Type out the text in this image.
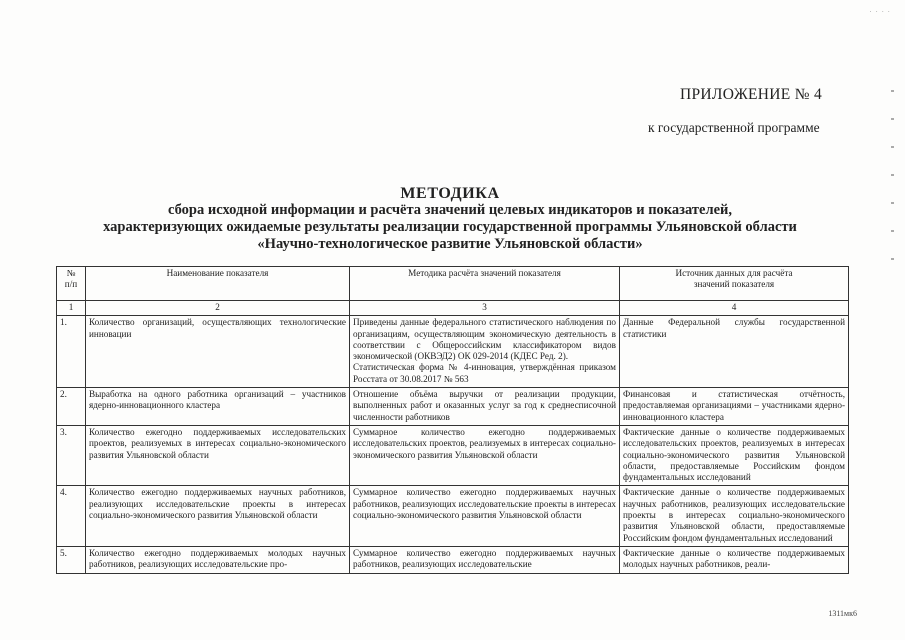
· · · ·
ПРИЛОЖЕНИЕ № 4
к государственной программе
МЕТОДИКА
сбора исходной информации и расчёта значений целевых индикаторов и показателей,
характеризующих ожидаемые результаты реализации государственной программы Ульяновской области
«Научно-технологическое развитие Ульяновской области»
№
п/п	Наименование показателя	Методика расчёта значений показателя	Источник данных для расчёта
значений показателя

1	2	3	4
1.	Количество организаций, осуществляющих технологические инновации	Приведены данные федерального статистического наблюдения по организациям, осуществляющим экономическую деятельность в соответствии с Общероссийским классификатором видов экономической (ОКВЭД2) ОК 029-2014 (КДЕС Ред. 2).
Статистическая форма № 4-инновация, утверждённая приказом Росстата от 30.08.2017 № 563	Данные Федеральной службы государственной статистики
2.	Выработка на одного работника организаций – участников ядерно-инновационного кластера	Отношение объёма выручки от реализации продукции, выполненных работ и оказанных услуг за год к среднесписочной численности работников	Финансовая и статистическая отчётность, предоставляемая организациями – участниками ядерно-инновационного кластера
3.	Количество ежегодно поддерживаемых исследовательских проектов, реализуемых в интересах социально-экономического развития Ульяновской области	Суммарное количество ежегодно поддерживаемых исследовательских проектов, реализуемых в интересах социально-экономического развития Ульяновской области	Фактические данные о количестве поддерживаемых исследовательских проектов, реализуемых в интересах социально-экономического развития Ульяновской области, предоставляемые Российским фондом фундаментальных исследований
4.	Количество ежегодно поддерживаемых научных работников, реализующих исследовательские проекты в интересах социально-экономического развития Ульяновской области	Суммарное количество ежегодно поддерживаемых научных работников, реализующих исследовательские проекты в интересах социально-экономического развития Ульяновской области	Фактические данные о количестве поддерживаемых научных работников, реализующих исследовательские проекты в интересах социально-экономического развития Ульяновской области, предоставляемые Российским фондом фундаментальных исследований
5.	Количество ежегодно поддерживаемых молодых научных работников, реализующих исследовательские про-	Суммарное количество ежегодно поддерживаемых научных работников, реализующих исследовательские	Фактические данные о количестве поддерживаемых молодых научных работников, реали-
1311мк6
